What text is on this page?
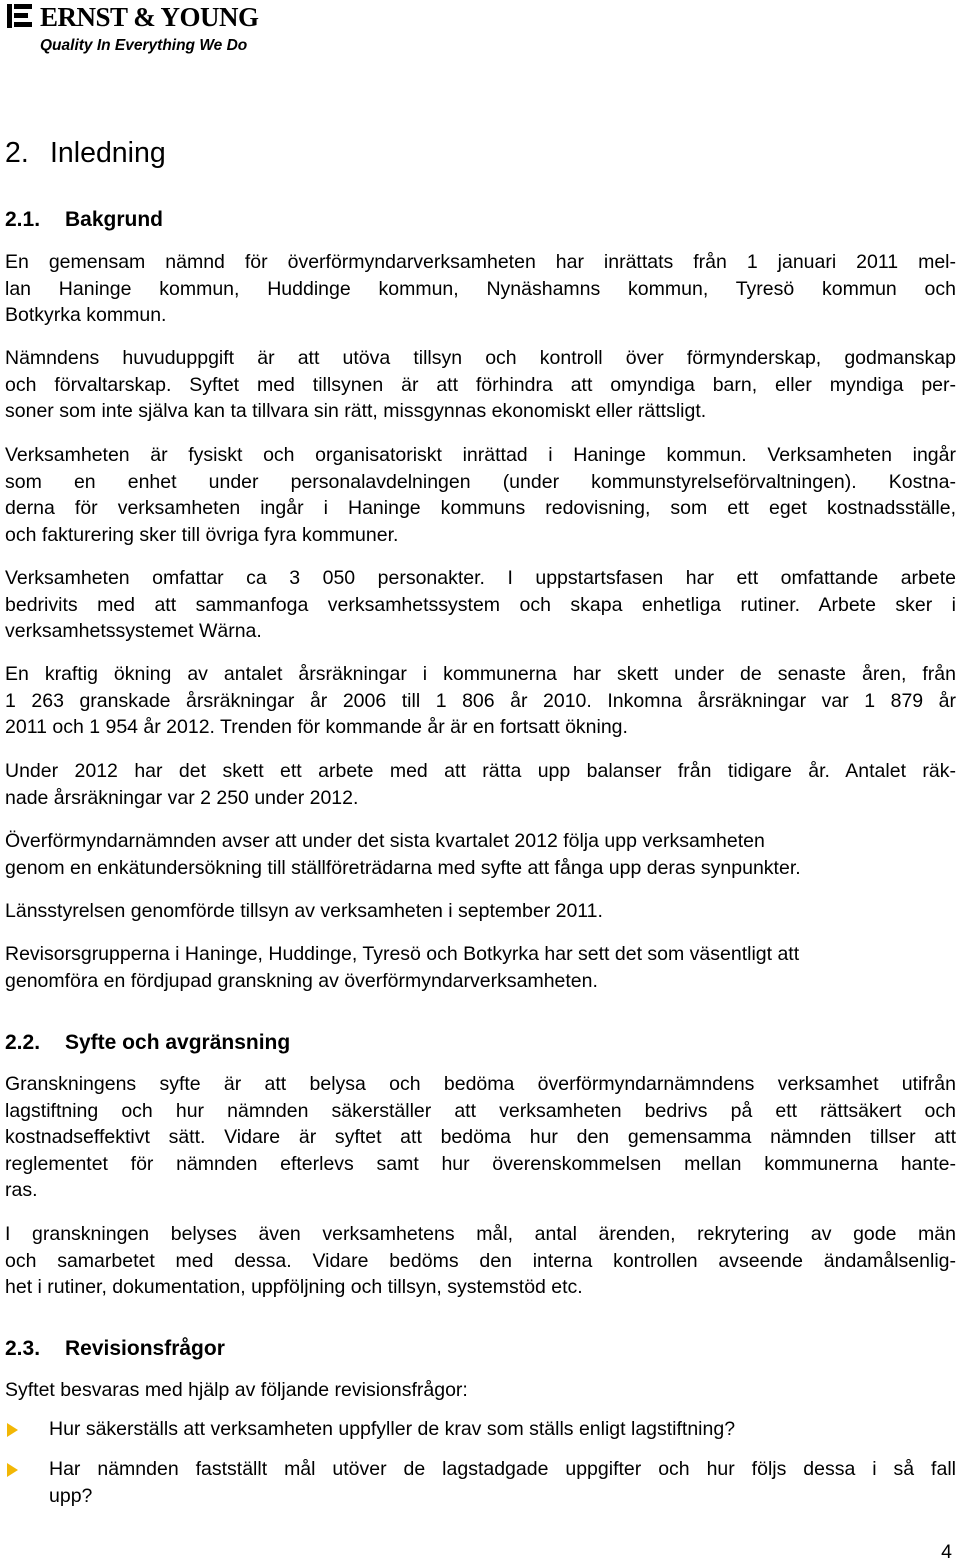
ERNST & YOUNG
Quality In Everything We Do
2. Inledning
2.1. Bakgrund

En gemensam nämnd för överförmyndarverksamheten har inrättats från 1 januari 2011 mel-
lan Haninge kommun, Huddinge kommun, Nynäshamns kommun, Tyresö kommun och
Botkyrka kommun.

Nämndens huvuduppgift är att utöva tillsyn och kontroll över förmynderskap, godmanskap
och förvaltarskap. Syftet med tillsynen är att förhindra att omyndiga barn, eller myndiga per-
soner som inte själva kan ta tillvara sin rätt, missgynnas ekonomiskt eller rättsligt.

Verksamheten är fysiskt och organisatoriskt inrättad i Haninge kommun. Verksamheten ingår
som en enhet under personalavdelningen (under kommunstyrelseförvaltningen). Kostna-
derna för verksamheten ingår i Haninge kommuns redovisning, som ett eget kostnadsställe,
och fakturering sker till övriga fyra kommuner.

Verksamheten omfattar ca 3 050 personakter. I uppstartsfasen har ett omfattande arbete
bedrivits med att sammanfoga verksamhetssystem och skapa enhetliga rutiner. Arbete sker i
verksamhetssystemet Wärna.

En kraftig ökning av antalet årsräkningar i kommunerna har skett under de senaste åren, från
1 263 granskade årsräkningar år 2006 till 1 806 år 2010. Inkomna årsräkningar var 1 879 år
2011 och 1 954 år 2012. Trenden för kommande år är en fortsatt ökning.

Under 2012 har det skett ett arbete med att rätta upp balanser från tidigare år. Antalet räk-
nade årsräkningar var 2 250 under 2012.

Överförmyndarnämnden avser att under det sista kvartalet 2012 följa upp verksamheten
genom en enkätundersökning till ställföreträdarna med syfte att fånga upp deras synpunkter.

Länsstyrelsen genomförde tillsyn av verksamheten i september 2011.

Revisorsgrupperna i Haninge, Huddinge, Tyresö och Botkyrka har sett det som väsentligt att
genomföra en fördjupad granskning av överförmyndarverksamheten.

2.2. Syfte och avgränsning

Granskningens syfte är att belysa och bedöma överförmyndarnämndens verksamhet utifrån
lagstiftning och hur nämnden säkerställer att verksamheten bedrivs på ett rättsäkert och
kostnadseffektivt sätt. Vidare är syftet att bedöma hur den gemensamma nämnden tillser att
reglementet för nämnden efterlevs samt hur överenskommelsen mellan kommunerna hante-
ras.

I granskningen belyses även verksamhetens mål, antal ärenden, rekrytering av gode män
och samarbetet med dessa. Vidare bedöms den interna kontrollen avseende ändamålsenlig-
het i rutiner, dokumentation, uppföljning och tillsyn, systemstöd etc.

2.3. Revisionsfrågor

Syftet besvaras med hjälp av följande revisionsfrågor:

Hur säkerställs att verksamheten uppfyller de krav som ställs enligt lagstiftning?
Har nämnden fastställt mål utöver de lagstadgade uppgifter och hur följs dessa i så fall
upp?
4
